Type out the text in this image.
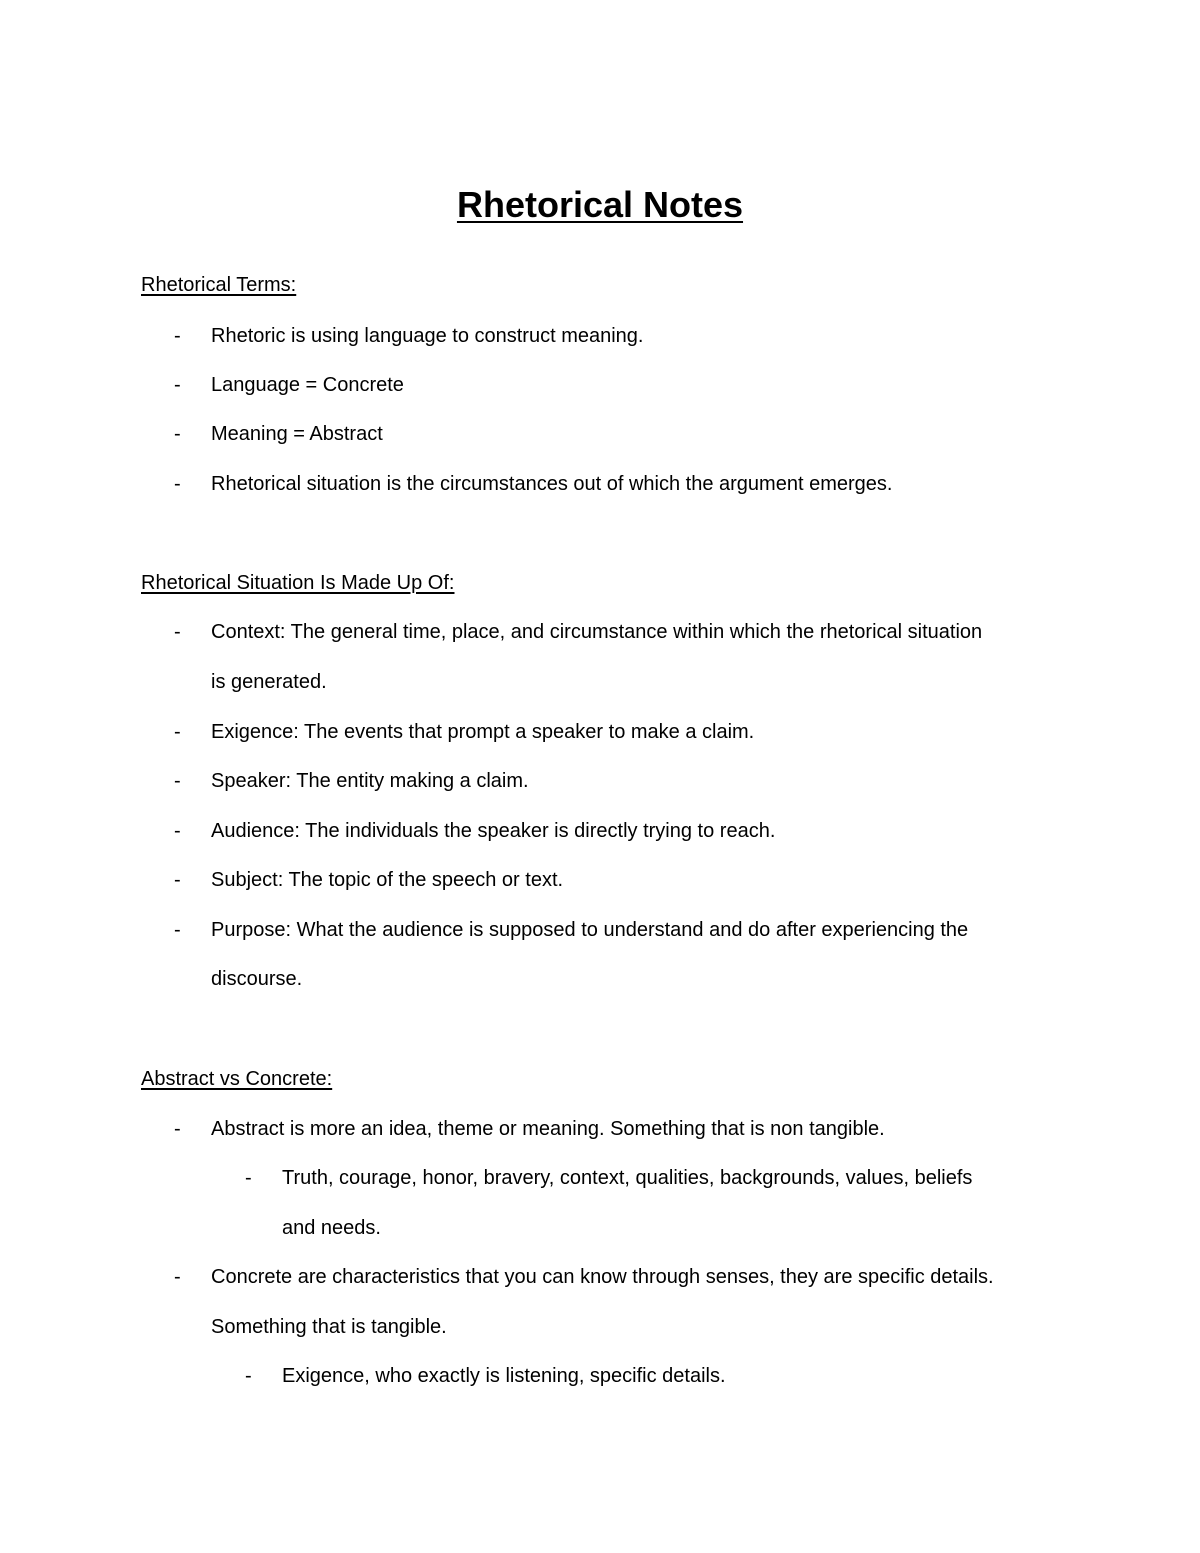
Rhetorical Notes
Rhetorical Terms:
- Rhetoric is using language to construct meaning.
- Language = Concrete
- Meaning = Abstract
- Rhetorical situation is the circumstances out of which the argument emerges.
Rhetorical Situation Is Made Up Of:
- Context: The general time, place, and circumstance within which the rhetorical situation
is generated.
- Exigence: The events that prompt a speaker to make a claim.
- Speaker: The entity making a claim.
- Audience: The individuals the speaker is directly trying to reach.
- Subject: The topic of the speech or text.
- Purpose: What the audience is supposed to understand and do after experiencing the
discourse.
Abstract vs Concrete:
- Abstract is more an idea, theme or meaning. Something that is non tangible.
- Truth, courage, honor, bravery, context, qualities, backgrounds, values, beliefs
and needs.
- Concrete are characteristics that you can know through senses, they are specific details.
Something that is tangible.
- Exigence, who exactly is listening, specific details.
